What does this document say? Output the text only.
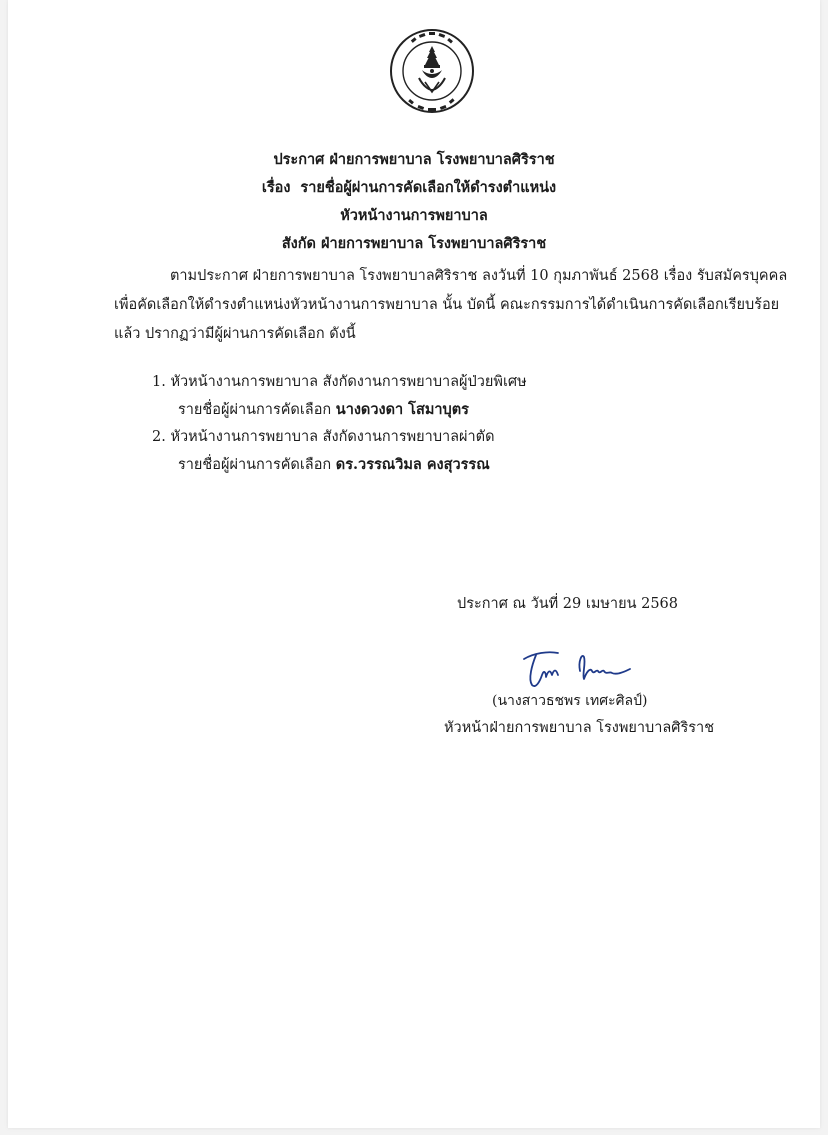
ประกาศ ฝ่ายการพยาบาล โรงพยาบาลศิริราช
เรื่อง รายชื่อผู้ผ่านการคัดเลือกให้ดำรงตำแหน่ง
หัวหน้างานการพยาบาล
สังกัด ฝ่ายการพยาบาล โรงพยาบาลศิริราช
ตามประกาศ ฝ่ายการพยาบาล โรงพยาบาลศิริราช ลงวันที่ 10 กุมภาพันธ์ 2568 เรื่อง รับสมัครบุคคล
เพื่อคัดเลือกให้ดำรงตำแหน่งหัวหน้างานการพยาบาล นั้น บัดนี้ คณะกรรมการได้ดำเนินการคัดเลือกเรียบร้อย
แล้ว ปรากฏว่ามีผู้ผ่านการคัดเลือก ดังนี้
1. หัวหน้างานการพยาบาล สังกัดงานการพยาบาลผู้ป่วยพิเศษ
รายชื่อผู้ผ่านการคัดเลือก นางดวงดา โสมาบุตร
2. หัวหน้างานการพยาบาล สังกัดงานการพยาบาลผ่าตัด
รายชื่อผู้ผ่านการคัดเลือก ดร.วรรณวิมล คงสุวรรณ
ประกาศ ณ วันที่ 29 เมษายน 2568
(นางสาวธชพร เทศะศิลป์)
หัวหน้าฝ่ายการพยาบาล โรงพยาบาลศิริราช
